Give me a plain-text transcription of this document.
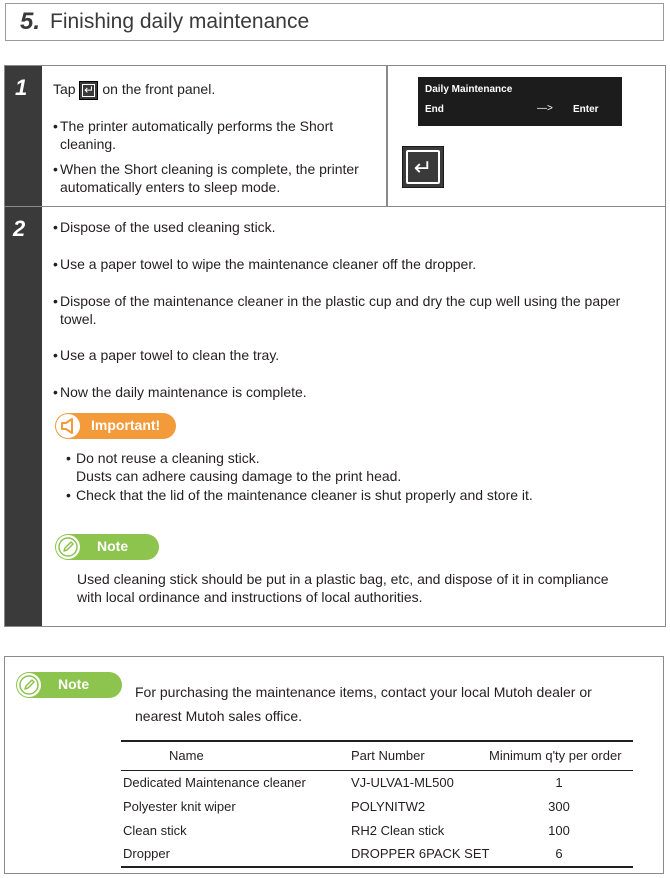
5. Finishing daily maintenance
1
2
Tap ↵ on the front panel.
• The printer automatically performs the Short
cleaning.
• When the Short cleaning is complete, the printer
automatically enters to sleep mode.
Daily Maintenance
End	—> Enter
↵
• Dispose of the used cleaning stick.
• Use a paper towel to wipe the maintenance cleaner off the dropper.
• Dispose of the maintenance cleaner in the plastic cup and dry the cup well using the paper
towel.
• Use a paper towel to clean the tray.
• Now the daily maintenance is complete.
Important!
• Do not reuse a cleaning stick.
Dusts can adhere causing damage to the print head.
• Check that the lid of the maintenance cleaner is shut properly and store it.
Note
Used cleaning stick should be put in a plastic bag, etc, and dispose of it in compliance
with local ordinance and instructions of local authorities.
Note	For purchasing the maintenance items, contact your local Mutoh dealer or
nearest Mutoh sales office.
Name	Part Number	Minimum q'ty per order
Dedicated Maintenance cleaner	VJ-ULVA1-ML500	1
Polyester knit wiper	POLYNITW2	300
Clean stick	RH2 Clean stick	100
Dropper	DROPPER 6PACK SET	6
